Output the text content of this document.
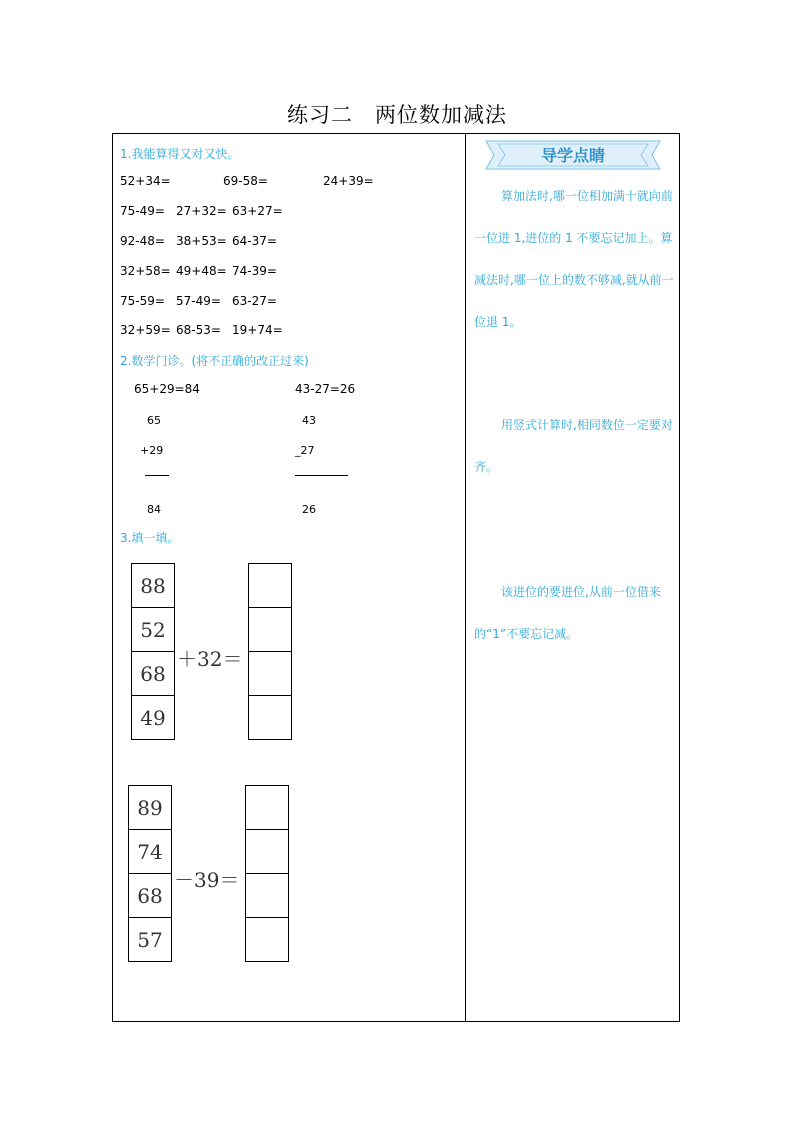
练习二　两位数加减法
1.我能算得又对又快。
52+34=	69-58=	24+39=
75-49= 27+32= 63+27=
92-48= 38+53= 64-37=
32+58= 49+48= 74-39=
75-59= 57-49= 63-27=
32+59= 68-53= 19+74=
2.数学门诊。(将不正确的改正过来)
65+29=84
65
+29
84
43-27=26
43
_27
26
3.填一填。
88
52
68
49
＋32＝
89
74
68
57
－39＝
导学点睛

算加法时,哪一位相加满十就向前 一位进 1,进位的 1 不要忘记加上。算减法时,哪一位上的数不够减,就从前一位退 1。

用竖式计算时,相同数位一定要对齐。

该进位的要进位,从前一位借来的“1”不要忘记减。
